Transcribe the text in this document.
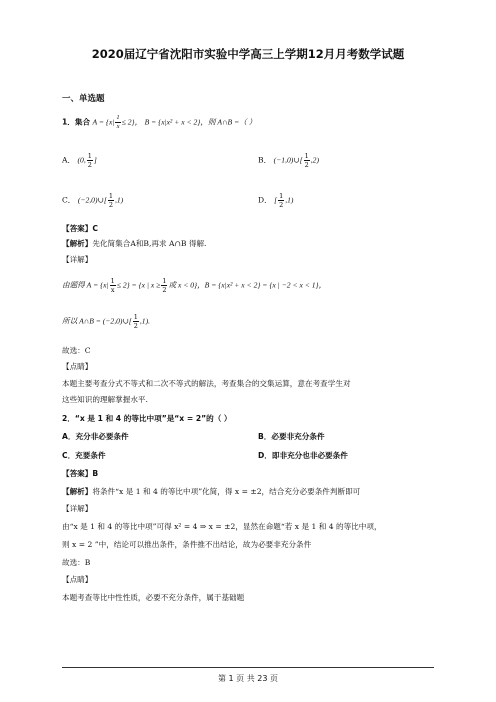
2020届辽宁省沈阳市实验中学高三上学期12月月考数学试题
一、单选题
1．集合 $A = \{x| \frac{1}{x} \le 2\}$， B = {x|x² + x < 2}，则 A∩B =（ ）
A． (0, $\frac{1}{2}$ ]	B． (−1,0)∪[ $\frac{1}{2} ,2$)
C． (−2,0)∪[ $\frac{1}{2} ,1$)	D． [ $\frac{1}{2} ,1$)
【答案】C
【解析】先化简集合A和B,再求 A∩B 得解.
【详解】
由题得 $A = \{x| \frac{1}{x} \le 2\} = \{x$ | $x \ge \frac{1}{2}$ 或 x < 0}，B = {x|x² + x < 2} = {x | −2 < x < 1}，
所以 A∩B = (−2,0)∪[ $\frac{1}{2} ,1$).
故选：C
【点睛】
本题主要考查分式不等式和二次不等式的解法，考查集合的交集运算，意在考查学生对
这些知识的理解掌握水平.
2．“x 是 1 和 4 的等比中项”是“x = 2”的（ ）
A．充分非必要条件	B．必要非充分条件
C．充要条件	D．即非充分也非必要条件
【答案】B
【解析】将条件“x 是 1 和 4 的等比中项”化简，得 x = ±2，结合充分必要条件判断即可
【详解】
由“x 是 1 和 4 的等比中项”可得 x² = 4 ⇒ x = ±2，显然在命题“若 x 是 1 和 4 的等比中项，
则 x = 2 ”中，结论可以推出条件，条件推不出结论，故为必要非充分条件
故选：B
【点睛】
本题考查等比中性性质，必要不充分条件，属于基础题
第 1 页 共 23 页
